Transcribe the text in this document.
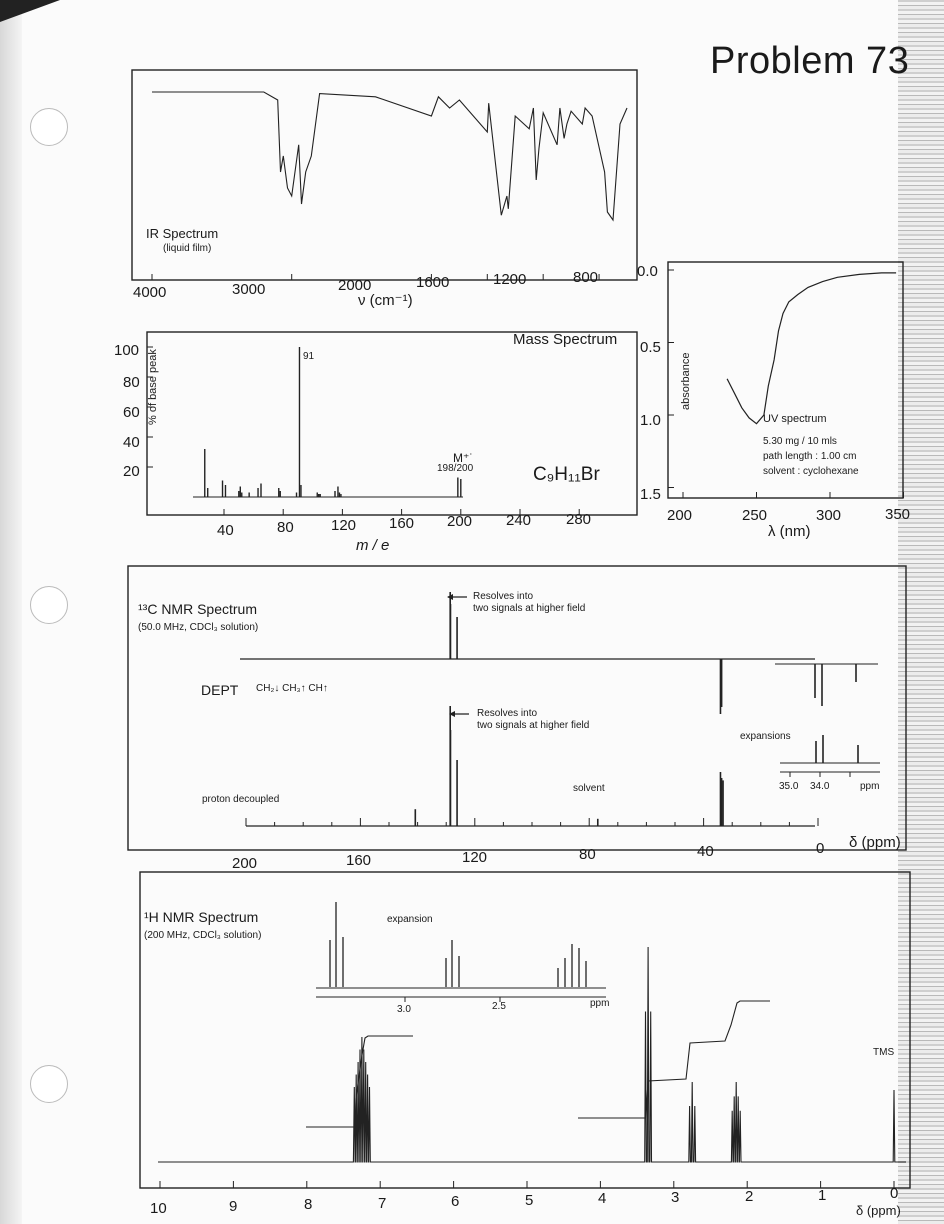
Problem 73
IR Spectrum
(liquid film)
4000	3000	2000	1600	1200	800
ν (cm⁻¹)
Mass Spectrum
% of base peak
100
80
60
40
20
40	80 120 160 200 240 280
m / e
91
M⁺˙
198/200	C₉H₁₁Br
0.0
0.5
1.0
1.5
absorbance
200	250	300	350
λ (nm)
UV spectrum
5.30 mg / 10 mls
path length : 1.00 cm
solvent : cyclohexane
¹³C NMR Spectrum
(50.0 MHz, CDCl₃ solution)
DEPT CH₂↓ CH₃↑ CH↑
Resolves into
two signals at higher field
Resolves into
two signals at higher field
expansions
35.0 34.0	ppm
solvent
proton decoupled
200	160	120	80	40	0 δ (ppm)
¹H NMR Spectrum
(200 MHz, CDCl₃ solution)
expansion
3.0	2.5	ppm
TMS
10	9	8	7	6	5	4	3	2	1	0
δ (ppm)
